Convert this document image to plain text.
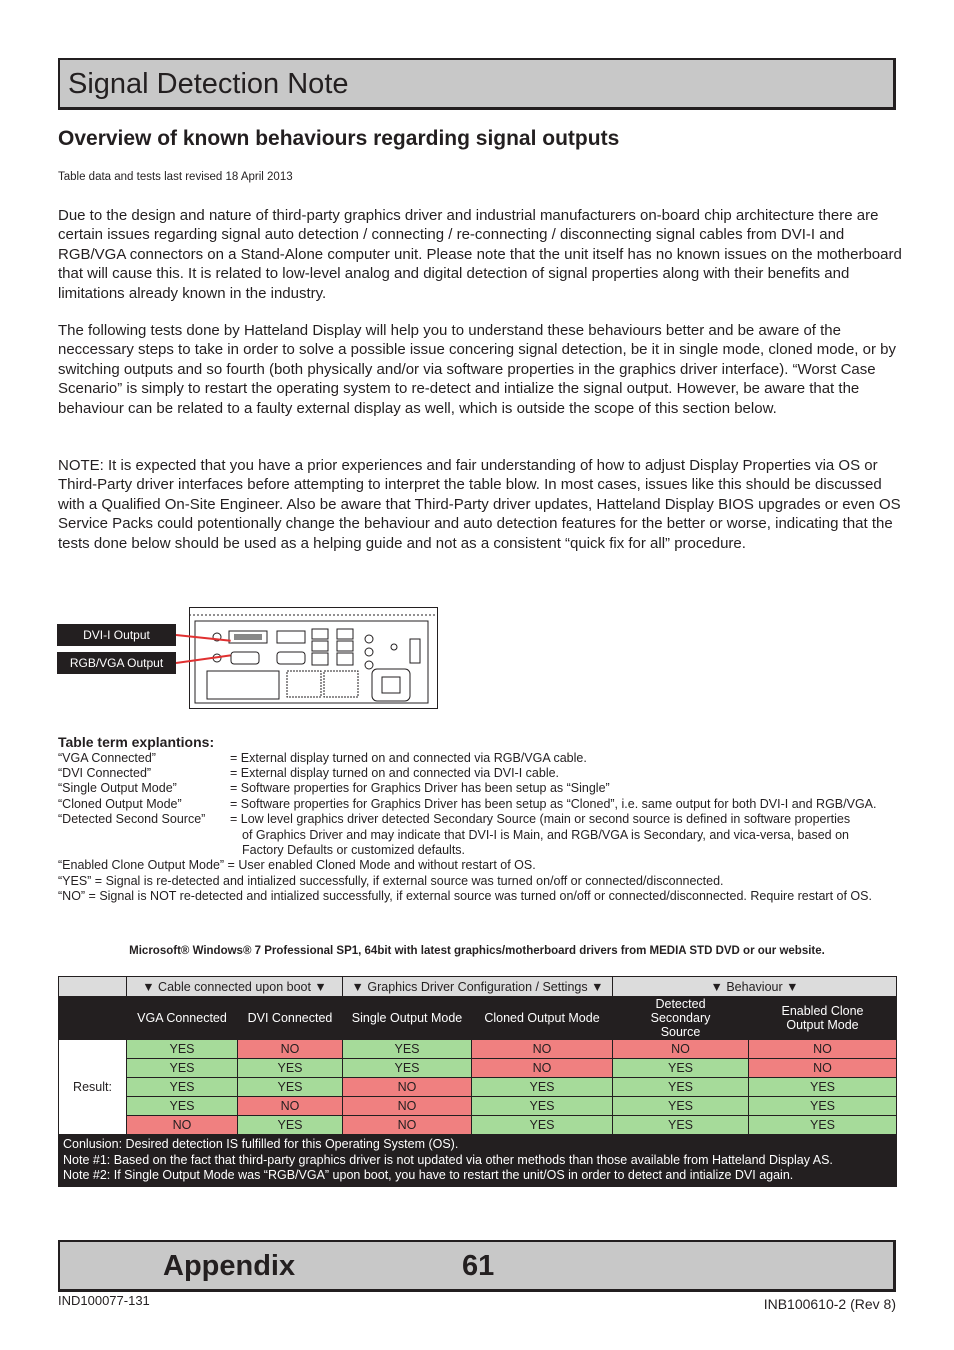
Signal Detection Note
Overview of known behaviours regarding signal outputs
Table data and tests last revised 18 April 2013

Due to the design and nature of third-party graphics driver and industrial manufacturers on-board chip architecture there are certain issues regarding signal auto detection / connecting / re-connecting / disconnecting signal cables from DVI-I and RGB/VGA connectors on a Stand-Alone computer unit. Please note that the unit itself has no known issues on the motherboard that will cause this. It is related to low-level analog and digital detection of signal properties along with their benefits and limitations already known in the industry.

The following tests done by Hatteland Display will help you to understand these behaviours better and be aware of the neccessary steps to take in order to solve a possible issue concering signal detection, be it in single mode, cloned mode, or by switching outputs and so fourth (both physically and/or via software properties in the graphics driver interface). “Worst Case Scenario” is simply to restart the operating system to re-detect and intialize the signal output. However, be aware that the behaviour can be related to a faulty external display as well, which is outside the scope of this section below.

NOTE: It is expected that you have a prior experiences and fair understanding of how to adjust Display Properties via OS or Third-Party driver interfaces before attempting to interpret the table blow. In most cases, issues like this should be discussed with a Qualified On-Site Engineer. Also be aware that Third-Party driver updates, Hatteland Display BIOS upgrades or even OS Service Packs could potentionally change the behaviour and auto detection features for the better or worse, indicating that the tests done below should be used as a helping guide and not as a consistent “quick fix for all” procedure.

DVI-I Output
RGB/VGA Output
Table term explantions:
“VGA Connected”	= External display turned on and connected via RGB/VGA cable.
“DVI Connected”	= External display turned on and connected via DVI-I cable.
“Single Output Mode”	= Software properties for Graphics Driver has been setup as “Single”
“Cloned Output Mode”	= Software properties for Graphics Driver has been setup as “Cloned”, i.e. same output for both DVI-I and RGB/VGA.
“Detected Second Source” = Low level graphics driver detected Secondary Source (main or second source is defined in software properties
of Graphics Driver and may indicate that DVI-I is Main, and RGB/VGA is Secondary, and vica-versa, based on
Factory Defaults or customized defaults.
“Enabled Clone Output Mode” = User enabled Cloned Mode and without restart of OS.
“YES” = Signal is re-detected and intialized successfully, if external source was turned on/off or connected/disconnected.
“NO” = Signal is NOT re-detected and intialized successfully, if external source was turned on/off or connected/disconnected. Require restart of OS.
Microsoft® Windows® 7 Professional SP1, 64bit with latest graphics/motherboard drivers from MEDIA STD DVD or our website.
	▼ Cable connected upon boot ▼		▼ Graphics Driver Configuration / Settings ▼		▼ Behaviour ▼	
	VGA Connected	DVI Connected	Single Output Mode	Cloned Output Mode	Detected Secondary Source	Enabled Clone Output Mode
Result:	YES	NO	YES	NO	NO	NO
	YES	YES	YES	NO	YES	NO
	YES	YES	NO	YES	YES	YES
	YES	NO	NO	YES	YES	YES
	NO	YES	NO	YES	YES	YES

Conlusion: Desired detection IS fulfilled for this Operating System (OS).
Note #1: Based on the fact that third-party graphics driver is not updated via other methods than those available from Hatteland Display AS.
Note #2: If Single Output Mode was “RGB/VGA” upon boot, you have to restart the unit/OS in order to detect and intialize DVI again.						
Appendix	61
IND100077-131	INB100610-2 (Rev 8)
